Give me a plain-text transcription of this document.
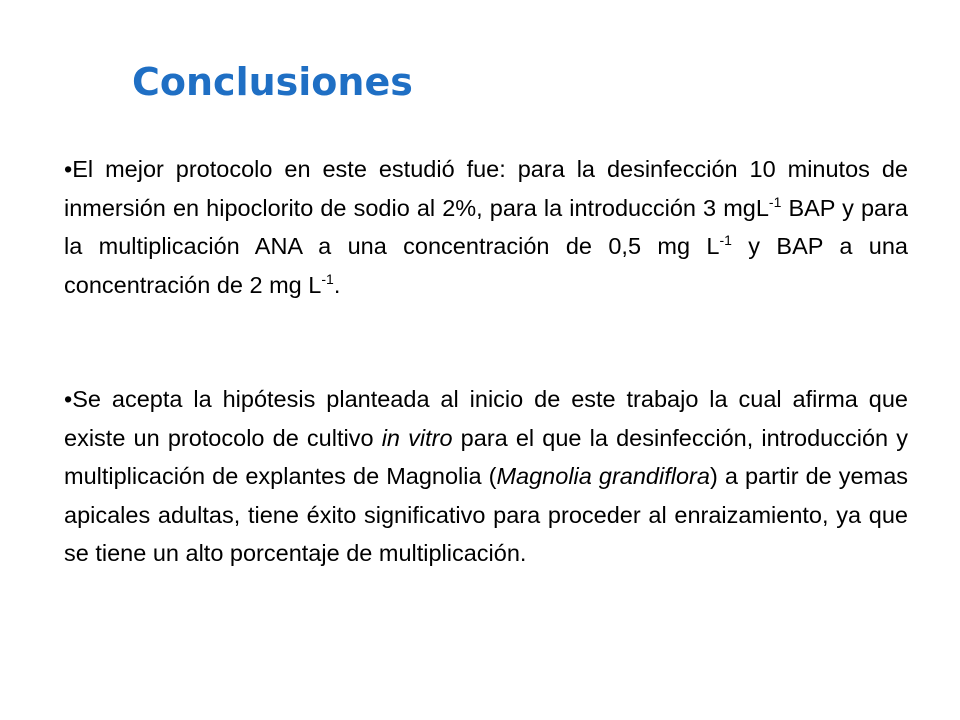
Conclusiones

•El mejor protocolo en este estudió fue: para la desinfección 10 minutos de inmersión en hipoclorito de sodio al 2%, para la introducción 3 mgL$^{-1}$ BAP y para la multiplicación ANA a una concentración de 0,5 mg $L^{-1}$ y BAP a una concentración de 2 mg $L^{-1}$.

•Se acepta la hipótesis planteada al inicio de este trabajo la cual afirma que existe un protocolo de cultivo in vitro para el que la desinfección, introducción y multiplicación de explantes de Magnolia (Magnolia grandiflora) a partir de yemas apicales adultas, tiene éxito significativo para proceder al enraizamiento, ya que se tiene un alto porcentaje de multiplicación.
